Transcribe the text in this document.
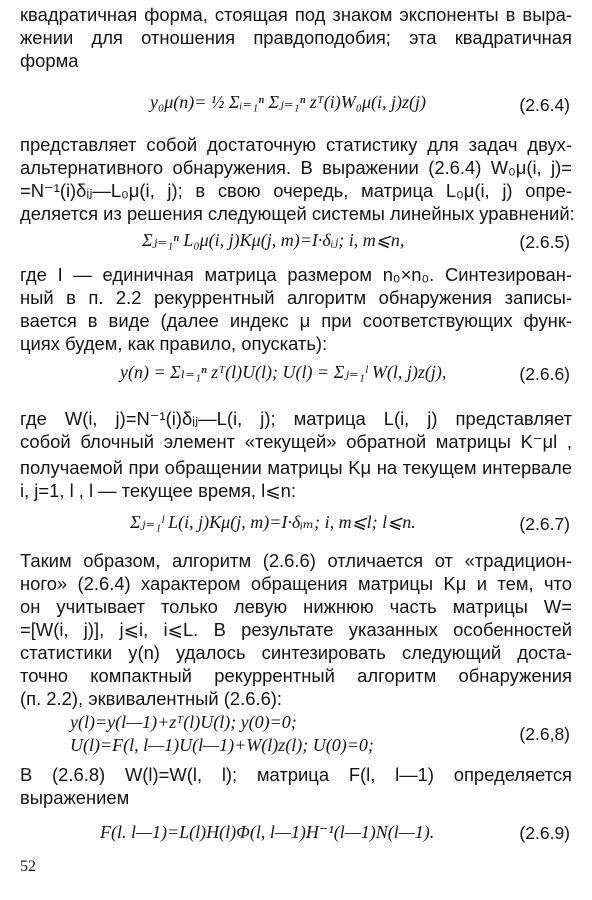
квадратичная форма, стоящая под знаком экспоненты в выра-
жении для отношения правдоподобия; эта квадратичная
форма
y₀μ(n)= ½ Σᵢ₌₁ⁿ Σⱼ₌₁ⁿ zᵀ(i)W₀μ(i, j)z(j)	(2.6.4)
представляет собой достаточную статистику для задач двух-
альтернативного обнаружения. В выражении (2.6.4) W₀μ(i, j)=
=N⁻¹(i)δᵢⱼ—L₀μ(i, j); в свою очередь, матрица L₀μ(i, j) опре-
деляется из решения следующей системы линейных уравнений:
Σⱼ₌₁ⁿ L₀μ(i, j)Kμ(j, m)=I·δᵢⱼ; i, m⩽n,	(2.6.5)
где I — единичная матрица размером n₀×n₀. Синтезирован-
ный в п. 2.2 рекуррентный алгоритм обнаружения записы-
вается в виде (далее индекс μ при соответствующих функ-
циях будем, как правило, опускать):
y(n) = Σₗ₌₁ⁿ zᵀ(l)U(l); U(l) = Σⱼ₌₁ˡ W(l, j)z(j),	(2.6.6)
где W(i, j)=N⁻¹(i)δᵢⱼ—L(i, j); матрица L(i, j) представляет
собой блочный элемент «текущей» обратной матрицы K⁻μl ,
получаемой при обращении матрицы Kμ на текущем интервале
i, j=1, l , l — текущее время, l⩽n:
Σⱼ₌₁ˡ L(i, j)Kμ(j, m)=I·δᵢₘ; i, m⩽l; l⩽n.	(2.6.7)
Таким образом, алгоритм (2.6.6) отличается от «традицион-
ного» (2.6.4) характером обращения матрицы Kμ и тем, что
он учитывает только левую нижнюю часть матрицы W=
=[W(i, j)], j⩽i, i⩽L. В результате указанных особенностей
статистики y(n) удалось синтезировать следующий доста-
точно компактный рекуррентный алгоритм обнаружения
(п. 2.2), эквивалентный (2.6.6):
y(l)=y(l—1)+zᵀ(l)U(l); y(0)=0;
U(l)=F(l, l—1)U(l—1)+W(l)z(l); U(0)=0;
(2.6,8)
В (2.6.8) W(l)=W(l, l); матрица F(l, l—1) определяется
выражением
F(l. l—1)=L(l)H(l)Φ(l, l—1)H⁻¹(l—1)N(l—1).	(2.6.9)
52
